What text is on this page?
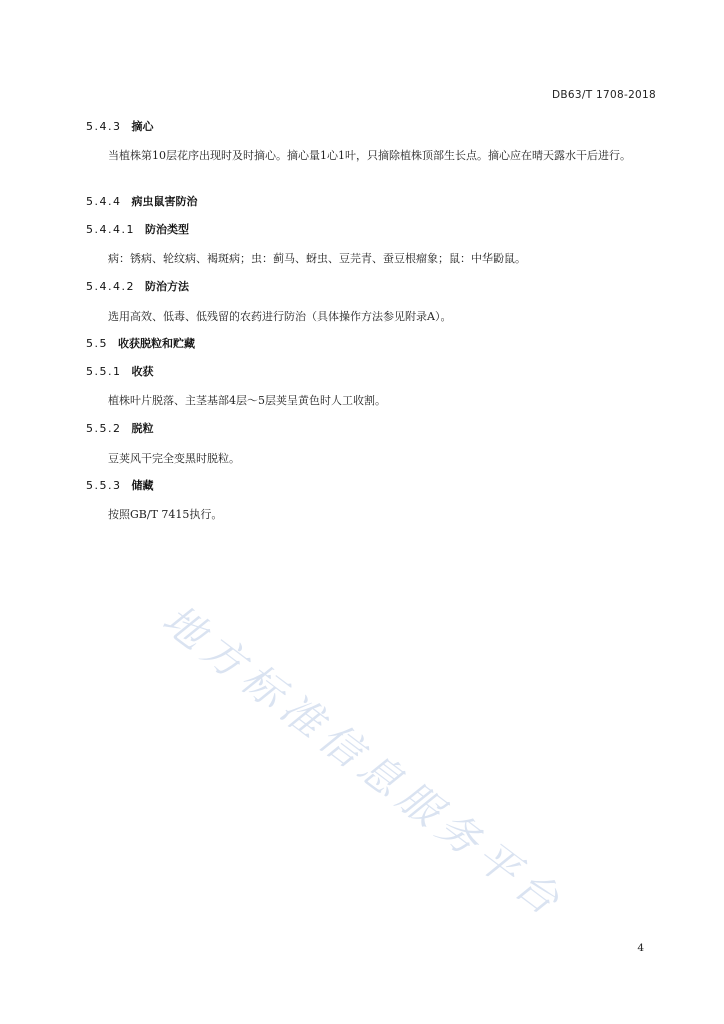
DB63/T 1708-2018
5.4.3 摘心
当植株第10层花序出现时及时摘心。摘心量1心1叶，只摘除植株顶部生长点。摘心应在晴天露水干后进行。
5.4.4 病虫鼠害防治
5.4.4.1 防治类型
病：锈病、轮纹病、褐斑病；虫：蓟马、蚜虫、豆芫青、蚕豆根瘤象；鼠：中华鼢鼠。
5.4.4.2 防治方法
选用高效、低毒、低残留的农药进行防治（具体操作方法参见附录A）。
5.5 收获脱粒和贮藏
5.5.1 收获
植株叶片脱落、主茎基部4层～5层荚呈黄色时人工收割。
5.5.2 脱粒
豆荚风干完全变黑时脱粒。
5.5.3 储藏
按照GB/T 7415执行。
地方标准信息服务平台
4
